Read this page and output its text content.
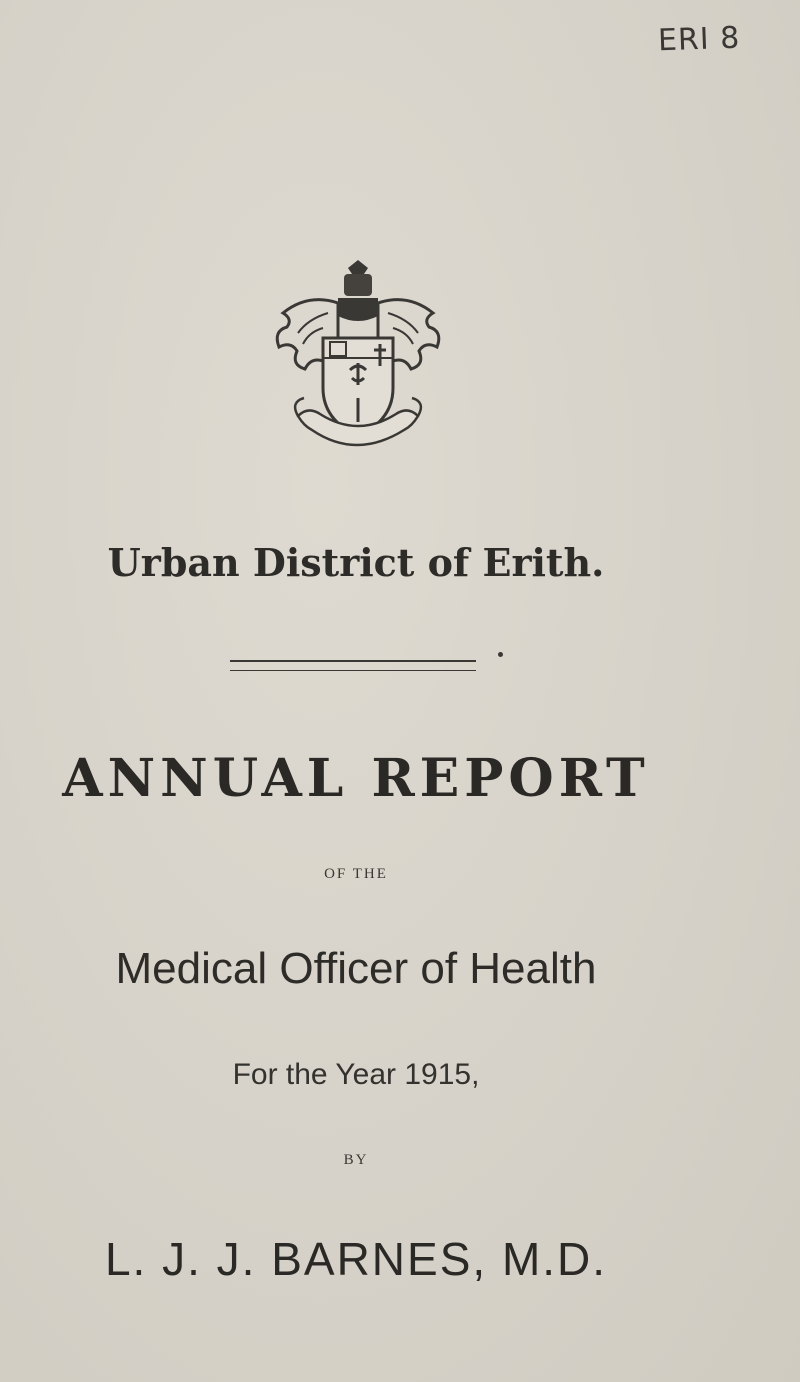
ERI 8
Urban District of Erith.
ANNUAL REPORT
OF THE
Medical Officer of Health
For the Year 1915,
BY
L. J. J. BARNES, M.D.
